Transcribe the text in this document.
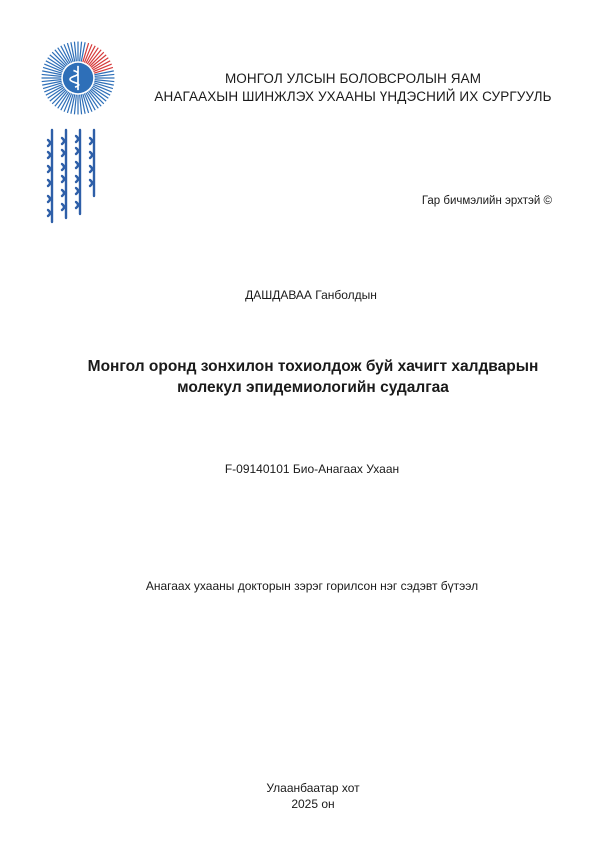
МОНГОЛ УЛСЫН БОЛОВСРОЛЫН ЯАМ
АНАГААХЫН ШИНЖЛЭХ УХААНЫ ҮНДЭСНИЙ ИХ СУРГУУЛЬ
Гар бичмэлийн эрхтэй ©
ДАШДАВАА Ганболдын
Монгол оронд зонхилон тохиолдож буй хачигт халдварын
молекул эпидемиологийн судалгаа
F-09140101 Био-Анагаах Ухаан
Анагаах ухааны докторын зэрэг горилсон нэг сэдэвт бүтээл
Улаанбаатар хот
2025 он
